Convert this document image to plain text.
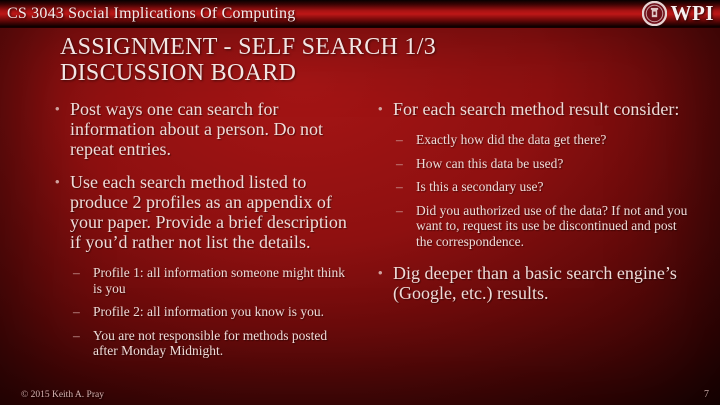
CS 3043 Social Implications Of Computing	WPI
ASSIGNMENT - SELF SEARCH 1/3 DISCUSSION BOARD
• Post ways one can search for information about a person. Do not repeat entries.
• Use each search method listed to produce 2 profiles as an appendix of your paper. Provide a brief description if you’d rather not list the details.
– Profile 1: all information someone might think is you
– Profile 2: all information you know is you.
– You are not responsible for methods posted after Monday Midnight.
• For each search method result consider:
– Exactly how did the data get there?
– How can this data be used?
– Is this a secondary use?
– Did you authorized use of the data? If not and you want to, request its use be discontinued and post the correspondence.
• Dig deeper than a basic search engine’s (Google, etc.) results.
© 2015 Keith A. Pray	7
